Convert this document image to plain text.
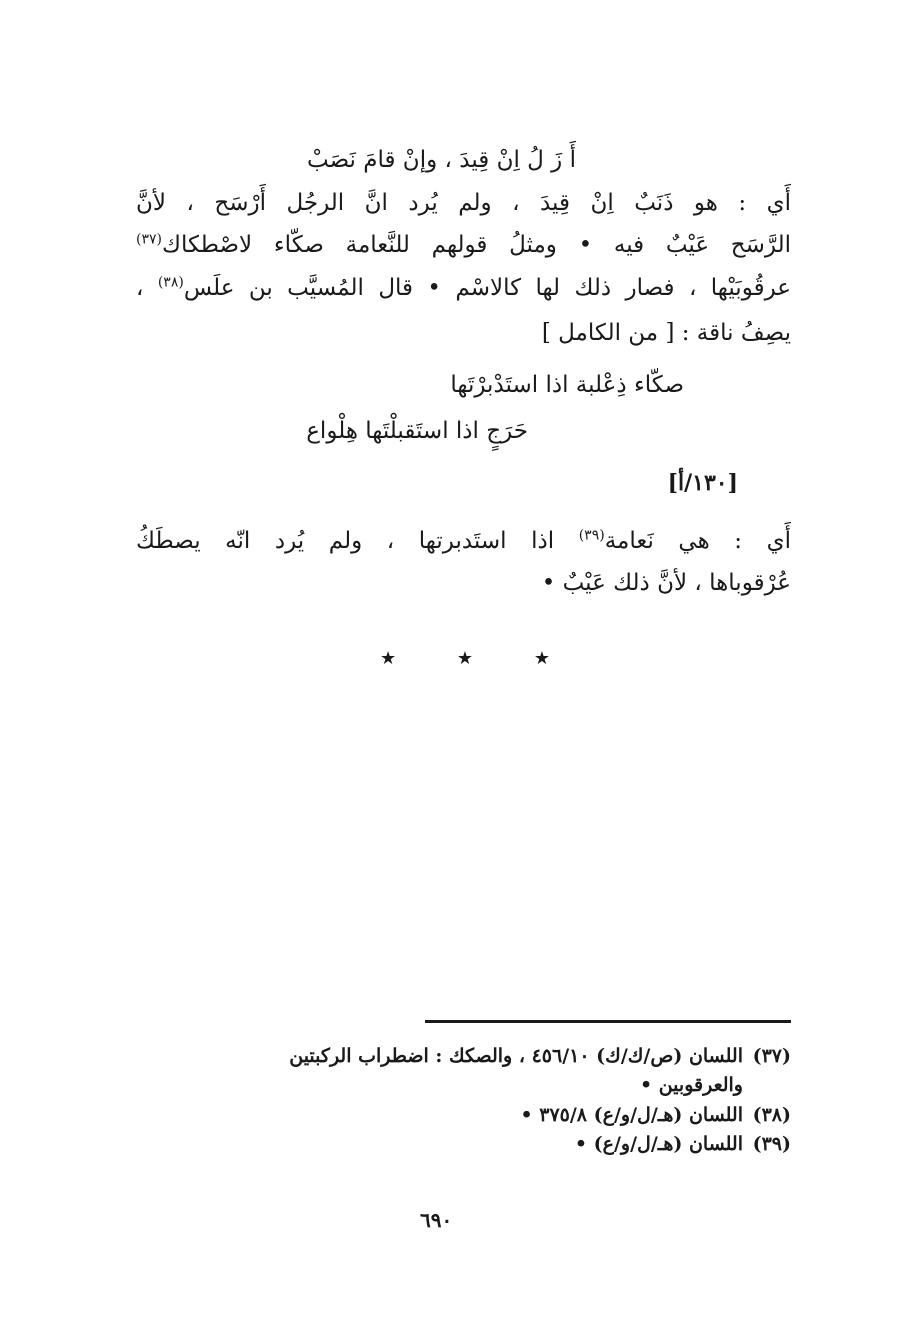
أَ زَ لُ اِنْ قِيدَ ، وإنْ قامَ نَصَبْ
أَي : هو ذَنَبٌ اِنْ قِيدَ ، ولم يُرد انَّ الرجُل أَرْسَح ، لأنَّ
الرَّسَح عَيْبٌ فيه • ومثلُ قولهم للنَّعامة صكّاء لاصْطكاك$^{(٣٧)}$
عرقُوبَيْها ، فصار ذلك لها كالاسْم • قال المُسيَّب بن علَس$^{(٣٨)}$ ،
يصِفُ ناقة : [ من الكامل ]
صكّاء ذِعْلبة اذا استَدْبرْتَها
حَرَجٍ اذا استَقبلْتَها هِلْواع
[١٣٠/أ]
أَي : هي نَعامة$^{(٣٩)}$ اذا استَدبرتها ، ولم يُرد انّه يصطَكُ
عُرْقوباها ، لأنَّ ذلك عَيْبٌ •
★	★	★
(٣٧)اللسان (ص/ك/ك) ٤٥٦/١٠ ، والصكك : اضطراب الركبتين
والعرقوبين •
(٣٨)اللسان (هـ/ل/و/ع) ٣٧٥/٨ •
(٣٩)اللسان (هـ/ل/و/ع) •
٦٩٠
